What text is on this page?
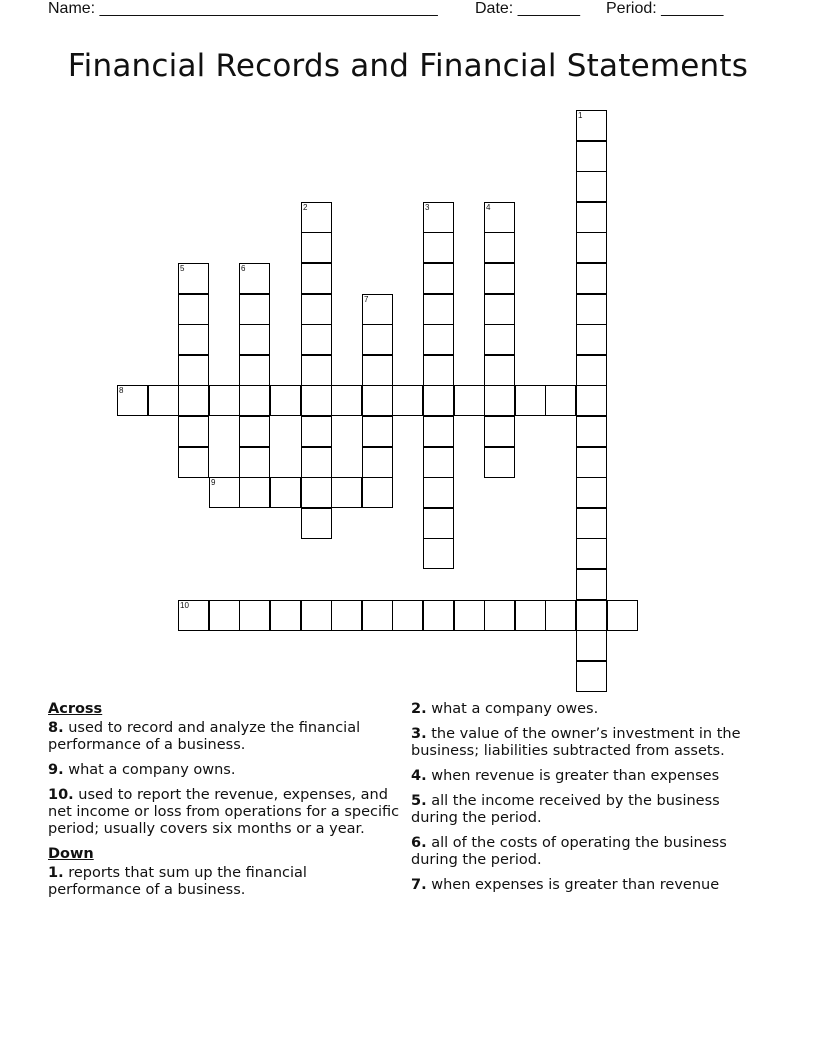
Name: ______________________________________ Date: _______ Period: _______
Financial Records and Financial Statements
1
2	3	4
5	6
7
8
9
10
Across
8. used to record and analyze the financial performance of a business.
9. what a company owns.
10. used to report the revenue, expenses, and net income or loss from operations for a specific period; usually covers six months or a year.
Down
1. reports that sum up the financial performance of a business.
2. what a company owes.
3. the value of the owner’s investment in the business; liabilities subtracted from assets.
4. when revenue is greater than expenses
5. all the income received by the business during the period.
6. all of the costs of operating the business during the period.
7. when expenses is greater than revenue
